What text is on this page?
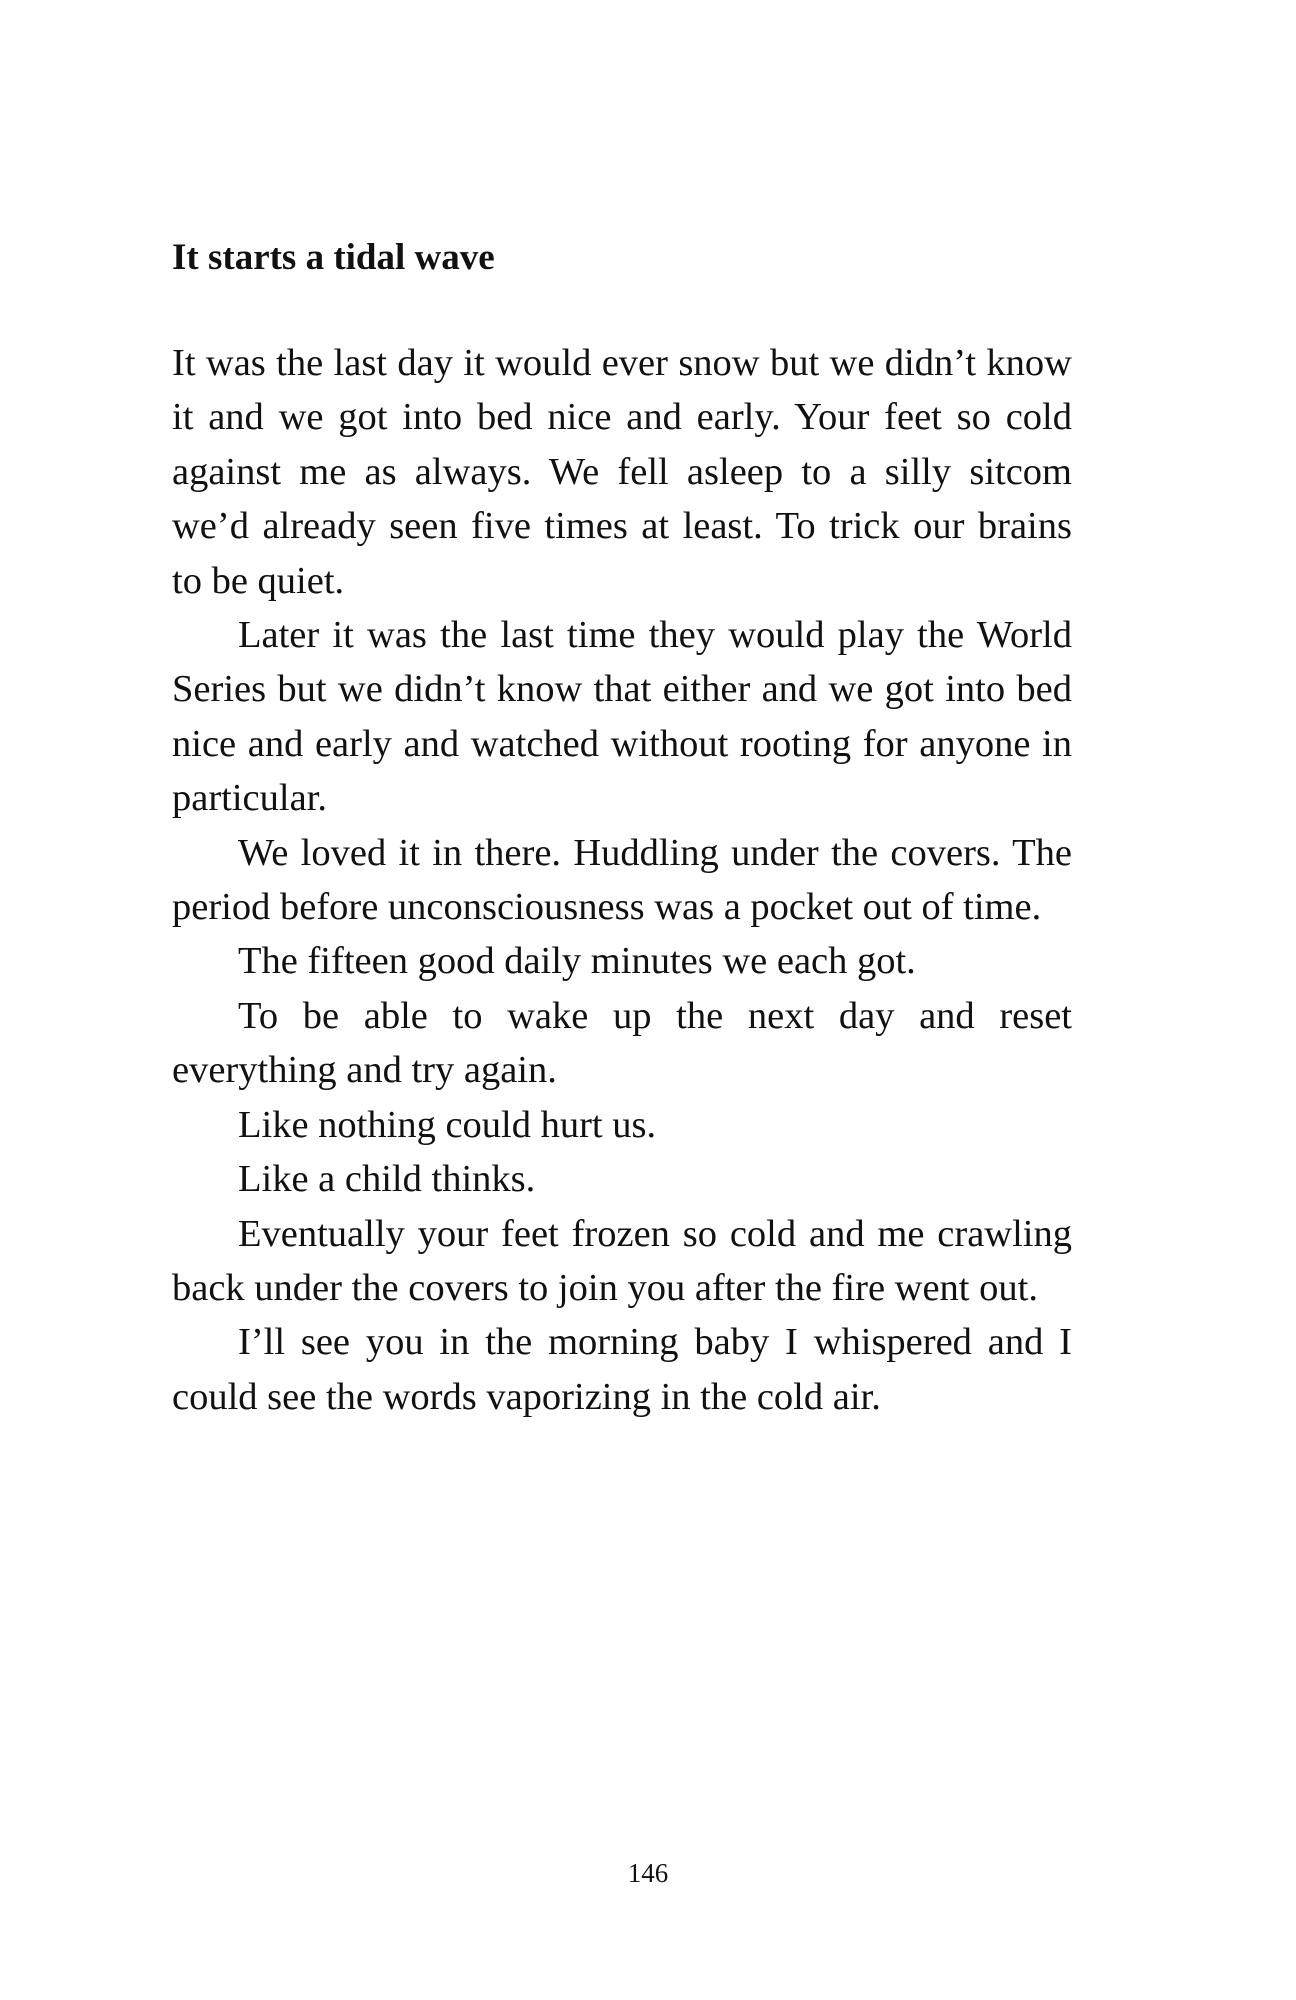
It starts a tidal wave

It was the last day it would ever snow but we didn’t know it and we got into bed nice and early. Your feet so cold against me as always. We fell asleep to a silly sitcom we’d already seen five times at least. To trick our brains to be quiet.

Later it was the last time they would play the World Series but we didn’t know that either and we got into bed nice and early and watched without rooting for anyone in particular.

We loved it in there. Huddling under the covers. The period before unconsciousness was a pocket out of time.

The fifteen good daily minutes we each got.

To be able to wake up the next day and reset everything and try again.

Like nothing could hurt us.

Like a child thinks.

Eventually your feet frozen so cold and me crawling back under the covers to join you after the fire went out.

I’ll see you in the morning baby I whispered and I could see the words vaporizing in the cold air.

146
